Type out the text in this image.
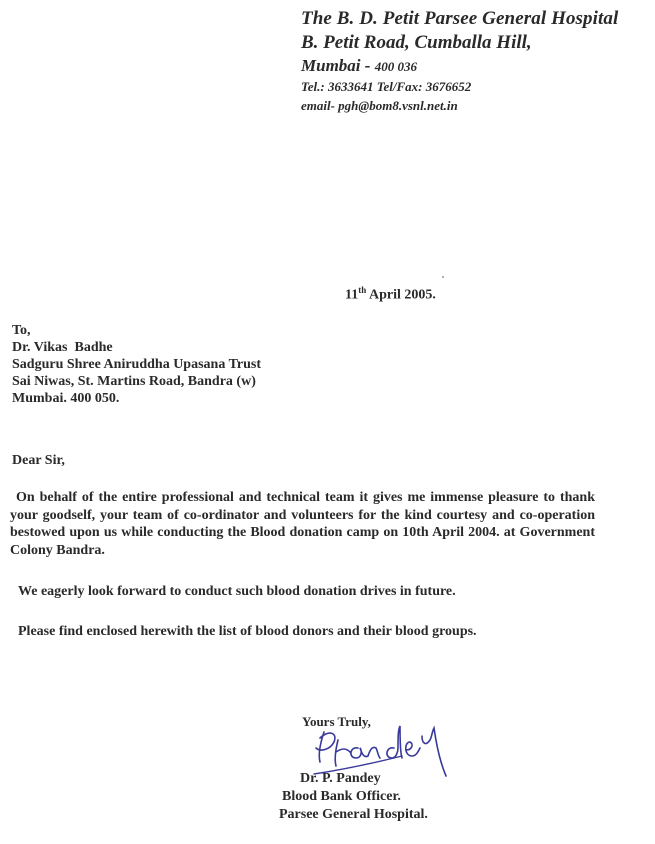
The B. D. Petit Parsee General Hospital
B. Petit Road, Cumballa Hill,
Mumbai - 400 036
Tel.: 3633641 Tel/Fax: 3676652
email- pgh@bom8.vsnl.net.in
11th April 2005.
To,
Dr. Vikas  Badhe
Sadguru Shree Aniruddha Upasana Trust
Sai Niwas, St. Martins Road, Bandra (w)
Mumbai. 400 050.
Dear Sir,
On behalf of the entire professional and technical team it gives me immense pleasure to thank your goodself, your team of co-ordinator and volunteers for the kind courtesy and co-operation bestowed upon us while conducting the Blood donation camp on 10th April 2004. at Government Colony Bandra.
We eagerly look forward to conduct such blood donation drives in future.
Please find enclosed herewith the list of blood donors and their blood groups.
Yours Truly,
Dr. P. Pandey
Blood Bank Officer.
Parsee General Hospital.
